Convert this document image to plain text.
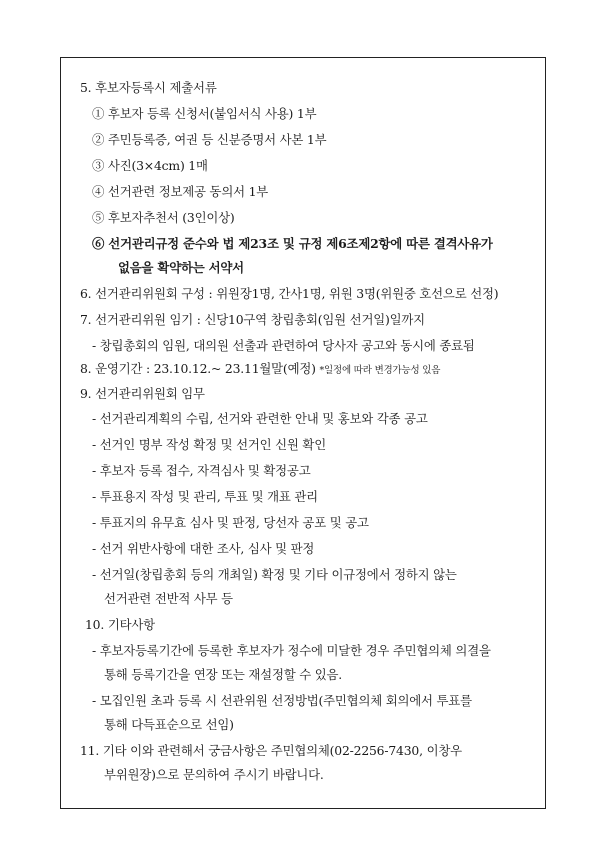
5. 후보자등록시 제출서류
① 후보자 등록 신청서(붙임서식 사용) 1부
② 주민등록증, 여권 등 신분증명서 사본 1부
③ 사진(3×4cm) 1매
④ 선거관련 정보제공 동의서 1부
⑤ 후보자추천서 (3인이상)
⑥ 선거관리규정 준수와 법 제23조 및 규정 제6조제2항에 따른 결격사유가
없음을 확약하는 서약서
6. 선거관리위원회 구성 : 위원장1명, 간사1명, 위원 3명(위원중 호선으로 선정)
7. 선거관리위원 임기 : 신당10구역 창립총회(임원 선거일)일까지
- 창립총회의 임원, 대의원 선출과 관련하여 당사자 공고와 동시에 종료됨
8. 운영기간 : 23.10.12.~ 23.11월말(예정) *일정에 따라 변경가능성 있음
9. 선거관리위원회 임무
- 선거관리계획의 수립, 선거와 관련한 안내 및 홍보와 각종 공고
- 선거인 명부 작성 확정 및 선거인 신원 확인
- 후보자 등록 접수, 자격심사 및 확정공고
- 투표용지 작성 및 관리, 투표 및 개표 관리
- 투표지의 유무효 심사 및 판정, 당선자 공포 및 공고
- 선거 위반사항에 대한 조사, 심사 및 판정
- 선거일(창립총회 등의 개최일) 확정 및 기타 이규정에서 정하지 않는
선거관련 전반적 사무 등
10. 기타사항
- 후보자등록기간에 등록한 후보자가 정수에 미달한 경우 주민협의체 의결을
통해 등록기간을 연장 또는 재설정할 수 있음.
- 모집인원 초과 등록 시 선관위원 선정방법(주민협의체 회의에서 투표를
통해 다득표순으로 선임)
11. 기타 이와 관련해서 궁금사항은 주민협의체(02-2256-7430, 이창우
부위원장)으로 문의하여 주시기 바랍니다.
